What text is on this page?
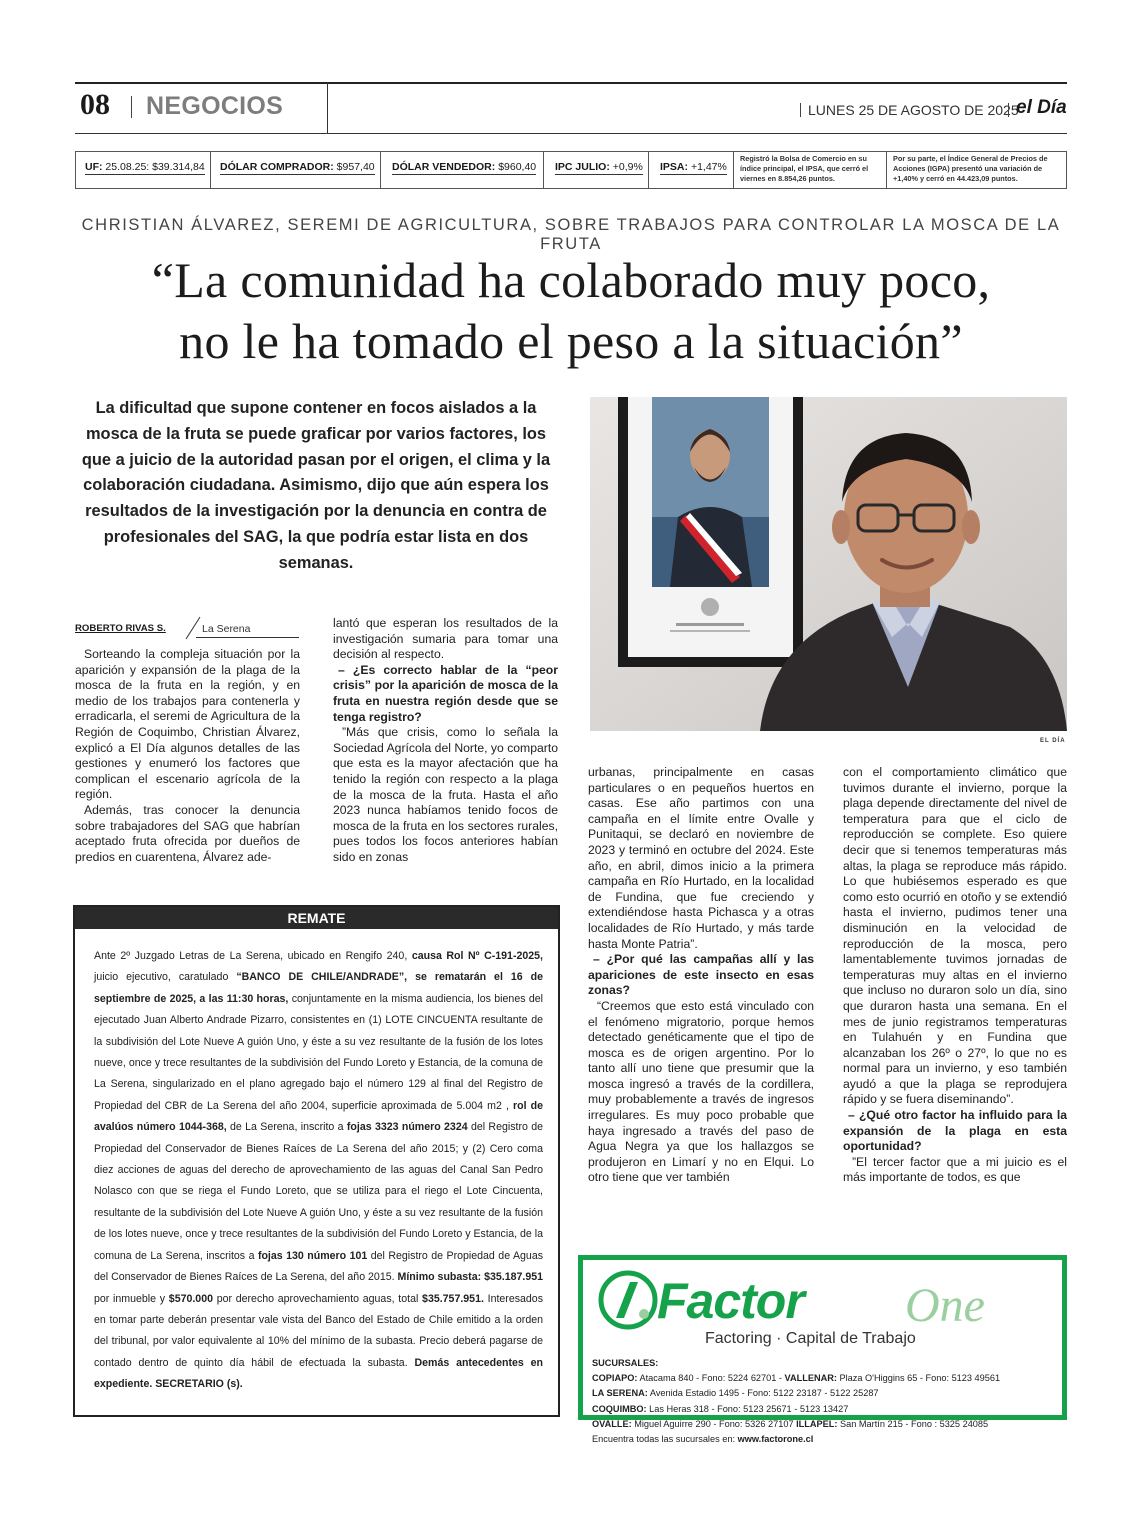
08 NEGOCIOS	LUNES 25 DE AGOSTO DE 2025
el Día
UF: 25.08.25: $39.314,84 DÓLAR COMPRADOR: $957,40 DÓLAR VENDEDOR: $960,40 IPC JULIO: +0,9% IPSA: +1,47%
Registró la Bolsa de Comercio en su índice principal, el IPSA, que cerró el viernes en 8.854,26 puntos.
Por su parte, el Índice General de Precios de Acciones (IGPA) presentó una variación de +1,40% y cerró en 44.423,09 puntos.
CHRISTIAN ÁLVAREZ, SEREMI DE AGRICULTURA, SOBRE TRABAJOS PARA CONTROLAR LA MOSCA DE LA FRUTA
“La comunidad ha colaborado muy poco,
no le ha tomado el peso a la situación”
La dificultad que supone contener en focos aislados a la mosca de la fruta se puede graficar por varios factores, los que a juicio de la autoridad pasan por el origen, el clima y la colaboración ciudadana. Asimismo, dijo que aún espera los resultados de la investigación por la denuncia en contra de profesionales del SAG, la que podría estar lista en dos semanas.
EL DÍA
ROBERTO RIVAS S.	La Serena

Sorteando la compleja situación por la aparición y expansión de la plaga de la mosca de la fruta en la región, y en medio de los trabajos para contenerla y erradicarla, el seremi de Agricultura de la Región de Coquimbo, Christian Álvarez, explicó a El Día algunos detalles de las gestiones y enumeró los factores que complican el escenario agrícola de la región.

Además, tras conocer la denuncia sobre trabajadores del SAG que habrían aceptado fruta ofrecida por dueños de predios en cuarentena, Álvarez ade-

lantó que esperan los resultados de la investigación sumaria para tomar una decisión al respecto.

– ¿Es correcto hablar de la “peor crisis” por la aparición de mosca de la fruta en nuestra región desde que se tenga registro?

”Más que crisis, como lo señala la Sociedad Agrícola del Norte, yo comparto que esta es la mayor afectación que ha tenido la región con respecto a la plaga de la mosca de la fruta. Hasta el año 2023 nunca habíamos tenido focos de mosca de la fruta en los sectores rurales, pues todos los focos anteriores habían sido en zonas

urbanas, principalmente en casas particulares o en pequeños huertos en casas. Ese año partimos con una campaña en el límite entre Ovalle y Punitaqui, se declaró en noviembre de 2023 y terminó en octubre del 2024. Este año, en abril, dimos inicio a la primera campaña en Río Hurtado, en la localidad de Fundina, que fue creciendo y extendiéndose hasta Pichasca y a otras localidades de Río Hurtado, y más tarde hasta Monte Patria”.

– ¿Por qué las campañas allí y las apariciones de este insecto en esas zonas?

“Creemos que esto está vinculado con el fenómeno migratorio, porque hemos detectado genéticamente que el tipo de mosca es de origen argentino. Por lo tanto allí uno tiene que presumir que la mosca ingresó a través de la cordillera, muy probablemente a través de ingresos irregulares. Es muy poco probable que haya ingresado a través del paso de Agua Negra ya que los hallazgos se produjeron en Limarí y no en Elqui. Lo otro tiene que ver también

con el comportamiento climático que tuvimos durante el invierno, porque la plaga depende directamente del nivel de temperatura para que el ciclo de reproducción se complete. Eso quiere decir que si tenemos temperaturas más altas, la plaga se reproduce más rápido. Lo que hubiésemos esperado es que como esto ocurrió en otoño y se extendió hasta el invierno, pudimos tener una disminución en la velocidad de reproducción de la mosca, pero lamentablemente tuvimos jornadas de temperaturas muy altas en el invierno que incluso no duraron solo un día, sino que duraron hasta una semana. En el mes de junio registramos temperaturas en Tulahuén y en Fundina que alcanzaban los 26º o 27º, lo que no es normal para un invierno, y eso también ayudó a que la plaga se reprodujera rápido y se fuera diseminando”.

– ¿Qué otro factor ha influido para la expansión de la plaga en esta oportunidad?

”El tercer factor que a mi juicio es el más importante de todos, es que

REMATE
Ante 2º Juzgado Letras de La Serena, ubicado en Rengifo 240, causa Rol Nº C-191-2025, juicio ejecutivo, caratulado “BANCO DE CHILE/ANDRADE”, se rematarán el 16 de septiembre de 2025, a las 11:30 horas, conjuntamente en la misma audiencia, los bienes del ejecutado Juan Alberto Andrade Pizarro, consistentes en (1) LOTE CINCUENTA resultante de la subdivisión del Lote Nueve A guión Uno, y éste a su vez resultante de la fusión de los lotes nueve, once y trece resultantes de la subdivisión del Fundo Loreto y Estancia, de la comuna de La Serena, singularizado en el plano agregado bajo el número 129 al final del Registro de Propiedad del CBR de La Serena del año 2004, superficie aproximada de 5.004 m2 , rol de avalúos número 1044-368, de La Serena, inscrito a fojas 3323 número 2324 del Registro de Propiedad del Conservador de Bienes Raíces de La Serena del año 2015; y (2) Cero coma diez acciones de aguas del derecho de aprovechamiento de las aguas del Canal San Pedro Nolasco con que se riega el Fundo Loreto, que se utiliza para el riego el Lote Cincuenta, resultante de la subdivisión del Lote Nueve A guión Uno, y éste a su vez resultante de la fusión de los lotes nueve, once y trece resultantes de la subdivisión del Fundo Loreto y Estancia, de la comuna de La Serena, inscritos a fojas 130 número 101 del Registro de Propiedad de Aguas del Conservador de Bienes Raíces de La Serena, del año 2015. Mínimo subasta: $35.187.951 por inmueble y $570.000 por derecho aprovechamiento aguas, total $35.757.951. Interesados en tomar parte deberán presentar vale vista del Banco del Estado de Chile emitido a la orden del tribunal, por valor equivalente al 10% del mínimo de la subasta. Precio deberá pagarse de contado dentro de quinto día hábil de efectuada la subasta. Demás antecedentes en expediente. SECRETARIO (s).
Factor One
Factoring · Capital de Trabajo
SUCURSALES:
COPIAPO: Atacama 840 - Fono: 5224 62701 - VALLENAR: Plaza O'Higgins 65 - Fono: 5123 49561
LA SERENA: Avenida Estadio 1495 - Fono: 5122 23187 - 5122 25287
COQUIMBO: Las Heras 318 - Fono: 5123 25671 - 5123 13427
OVALLE: Miguel Aguirre 290 - Fono: 5326 27107 ILLAPEL: San Martín 215 - Fono : 5325 24085
Encuentra todas las sucursales en: www.factorone.cl
